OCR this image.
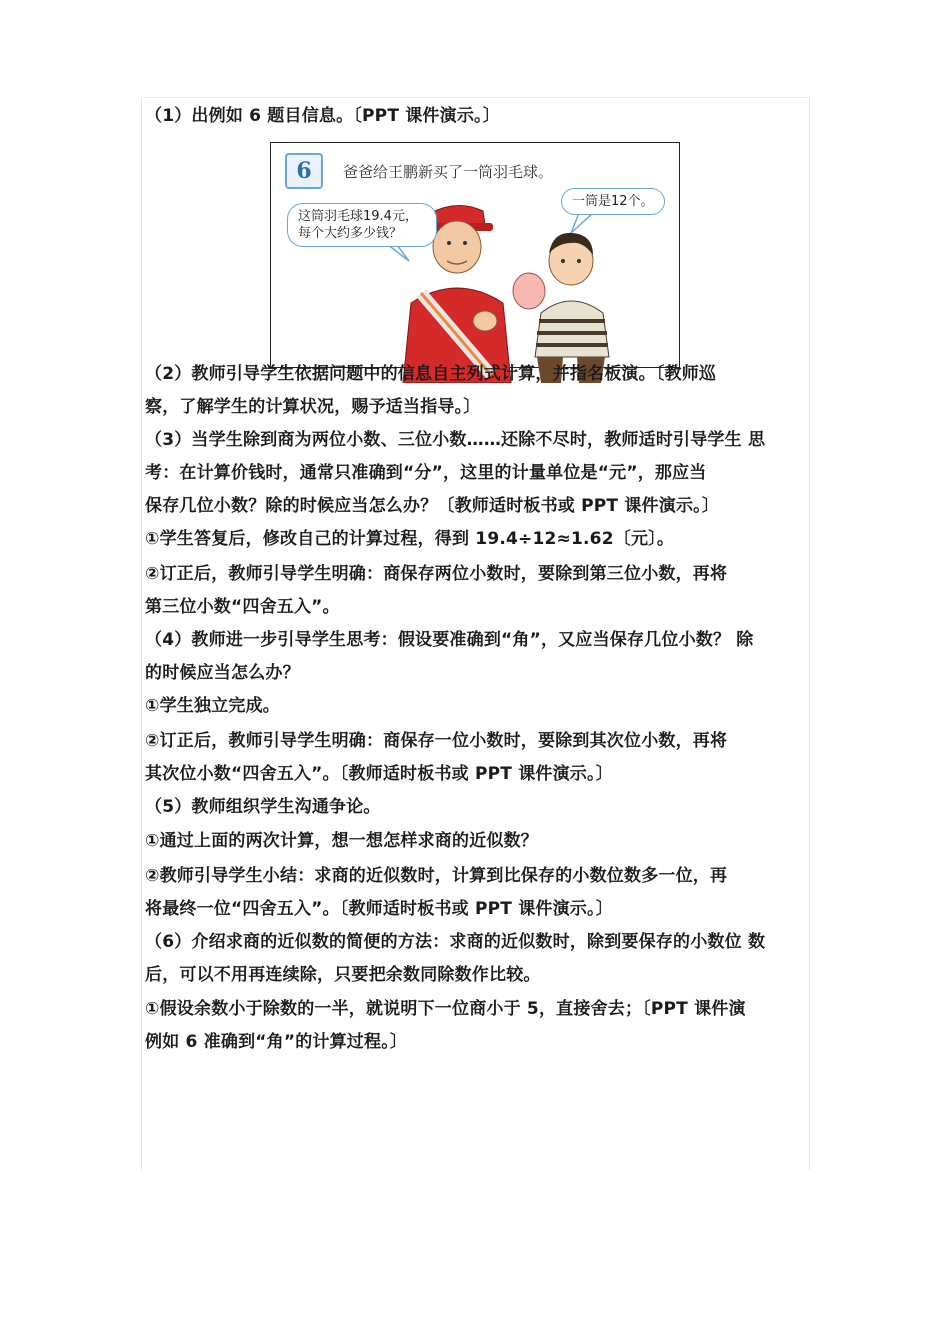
（1）出例如 6 题目信息。〔PPT 课件演示。〕
6	爸爸给王鹏新买了一筒羽毛球。
这筒羽毛球19.4元，
每个大约多少钱？
一筒是12个。
（2）教师引导学生依据问题中的信息自主列式计算，并指名板演。〔教师巡
察，了解学生的计算状况，赐予适当指导。〕
（3）当学生除到商为两位小数、三位小数……还除不尽时，教师适时引导学生 思
考：在计算价钱时，通常只准确到“分”，这里的计量单位是“元”，那应当
保存几位小数？除的时候应当怎么办？〔教师适时板书或 PPT 课件演示。〕
①学生答复后，修改自己的计算过程，得到 19.4÷12≈1.62〔元〕。
②订正后，教师引导学生明确：商保存两位小数时，要除到第三位小数，再将
第三位小数“四舍五入”。
（4）教师进一步引导学生思考：假设要准确到“角”，又应当保存几位小数？ 除
的时候应当怎么办？
①学生独立完成。
②订正后，教师引导学生明确：商保存一位小数时，要除到其次位小数，再将
其次位小数“四舍五入”。〔教师适时板书或 PPT 课件演示。〕
（5）教师组织学生沟通争论。
①通过上面的两次计算，想一想怎样求商的近似数？
②教师引导学生小结：求商的近似数时，计算到比保存的小数位数多一位，再
将最终一位“四舍五入”。〔教师适时板书或 PPT 课件演示。〕
（6）介绍求商的近似数的简便的方法：求商的近似数时，除到要保存的小数位 数
后，可以不用再连续除，只要把余数同除数作比较。
①假设余数小于除数的一半，就说明下一位商小于 5，直接舍去；〔PPT 课件演
例如 6 准确到“角”的计算过程。〕
